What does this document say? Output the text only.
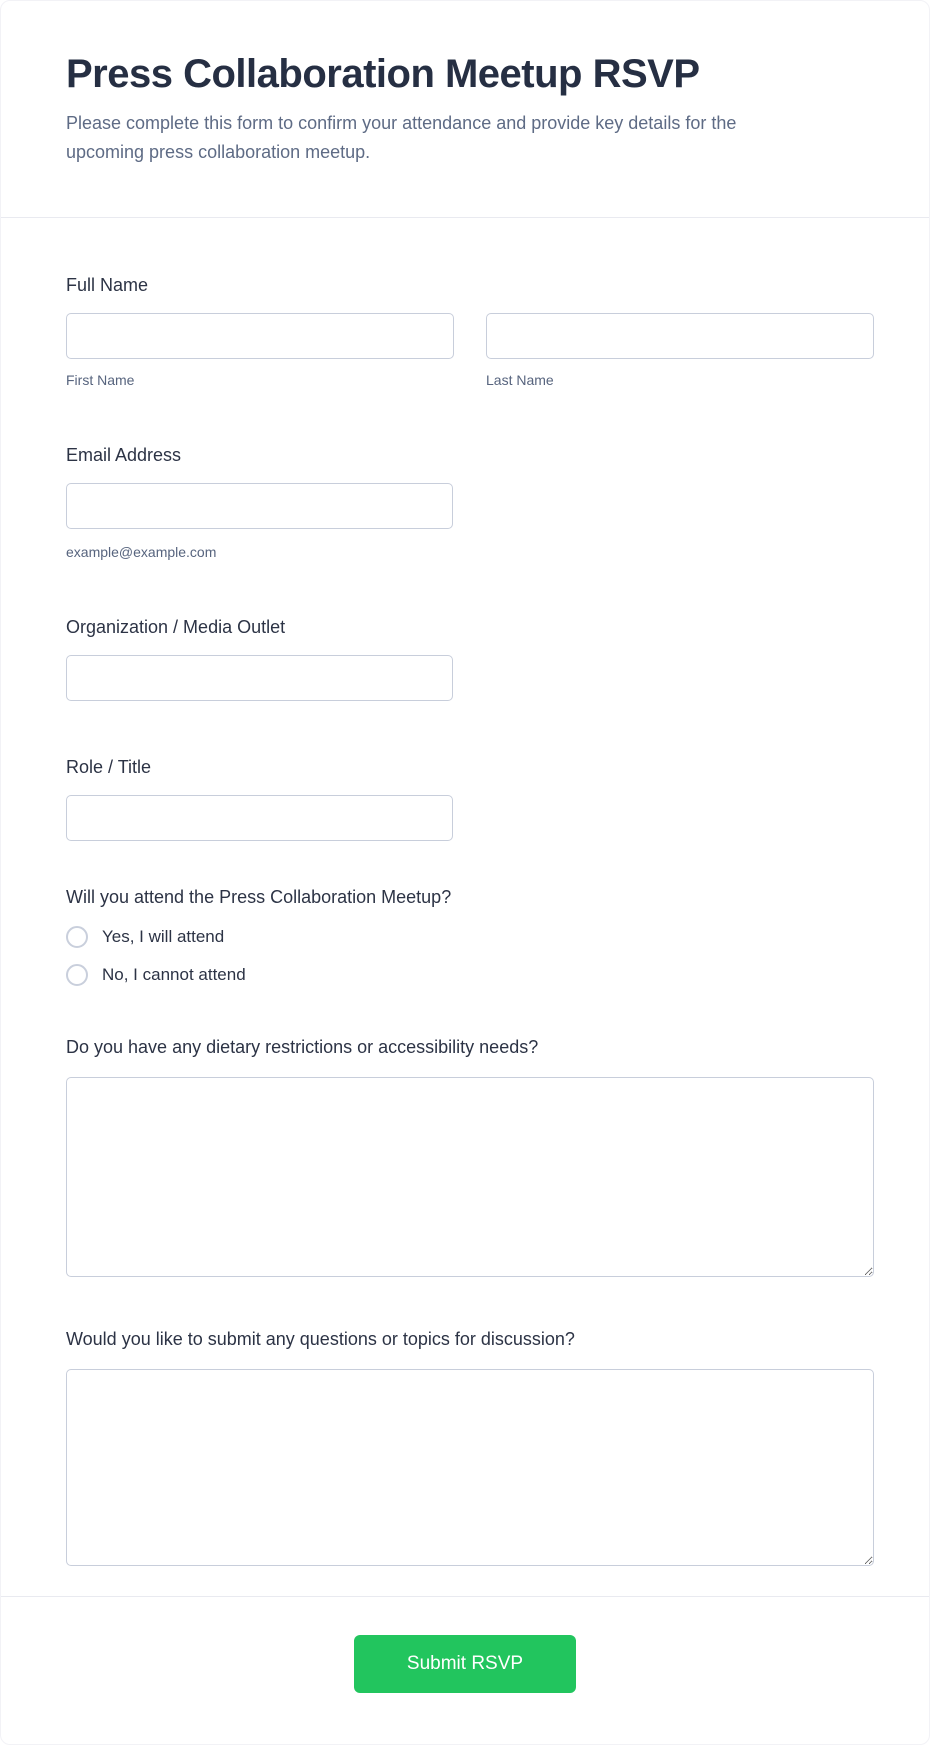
Press Collaboration Meetup RSVP
Please complete this form to confirm your attendance and provide key details for the upcoming press collaboration meetup.
Full Name
First Name	Last Name
Email Address
example@example.com
Organization / Media Outlet
Role / Title
Will you attend the Press Collaboration Meetup?
Yes, I will attend
No, I cannot attend
Do you have any dietary restrictions or accessibility needs?
Would you like to submit any questions or topics for discussion?
Submit RSVP
